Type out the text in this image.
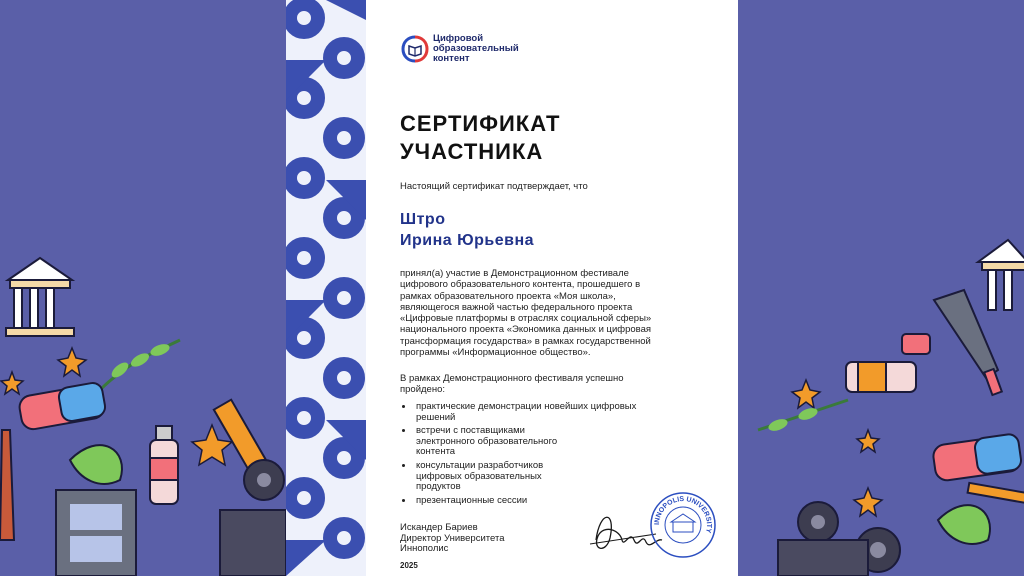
Цифровой
образовательный
контент
СЕРТИФИКАТ
УЧАСТНИКА
Настоящий сертификат подтверждает, что
Штро
Ирина Юрьевна
принял(а) участие в Демонстрационном фестивале
цифрового образовательного контента, прошедшего в
рамках образовательного проекта «Моя школа»,
являющегося важной частью федерального проекта
«Цифровые платформы в отраслях социальной сферы»
национального проекта «Экономика данных и цифровая
трансформация государства» в рамках государственной
программы «Информационное общество».
В рамках Демонстрационного фестиваля успешно
пройдено:
• практические демонстрации новейших цифровых
решений
• встречи с поставщиками
электронного образовательного
контента
• консультации разработчиков
цифровых образовательных
продуктов
• презентационные сессии
Искандер Бариев
Директор Университета
Иннополис
2025
INNOPOLIS UNIVERSITY
